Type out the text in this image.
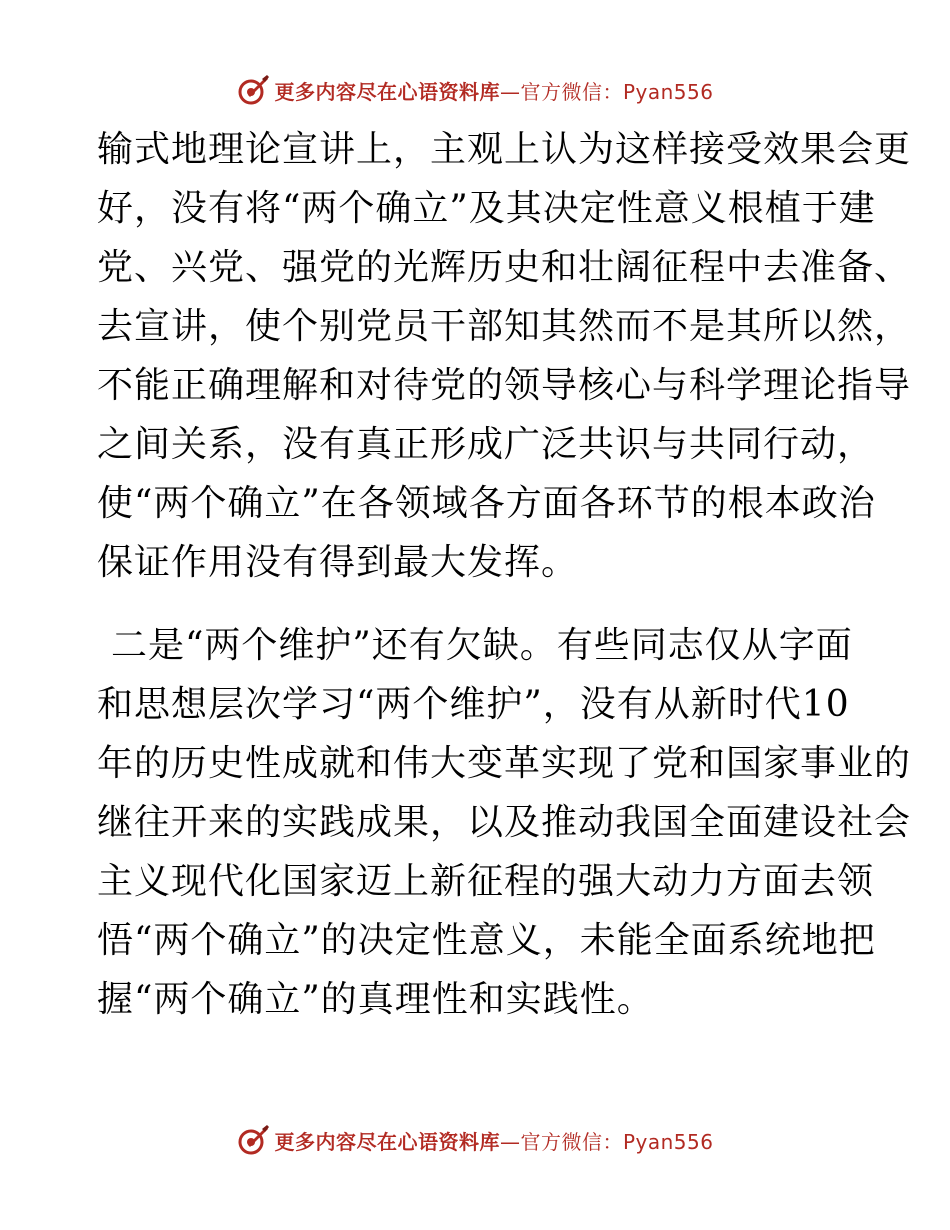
更多内容尽在心语资料库—官方微信：Pyan556
输式地理论宣讲上，主观上认为这样接受效果会更
好，没有将“两个确立”及其决定性意义根植于建
党、兴党、强党的光辉历史和壮阔征程中去准备、
去宣讲，使个别党员干部知其然而不是其所以然，
不能正确理解和对待党的领导核心与科学理论指导
之间关系，没有真正形成广泛共识与共同行动，
使“两个确立”在各领域各方面各环节的根本政治
保证作用没有得到最大发挥。
二是“两个维护”还有欠缺。有些同志仅从字面
和思想层次学习“两个维护”，没有从新时代10
年的历史性成就和伟大变革实现了党和国家事业的
继往开来的实践成果，以及推动我国全面建设社会
主义现代化国家迈上新征程的强大动力方面去领
悟“两个确立”的决定性意义，未能全面系统地把
握“两个确立”的真理性和实践性。
更多内容尽在心语资料库—官方微信：Pyan556
